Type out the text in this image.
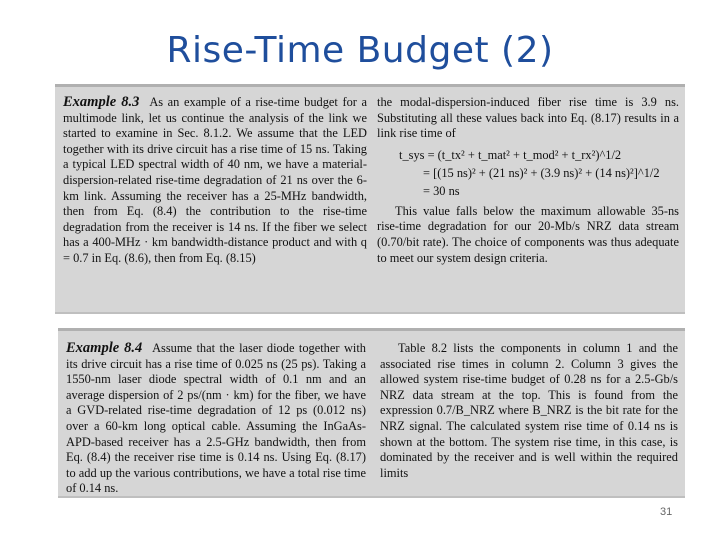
Rise-Time Budget (2)
Example 8.3 As an example of a rise-time budget for a multimode link, let us continue the analysis of the link we started to examine in Sec. 8.1.2. We assume that the LED together with its drive circuit has a rise time of 15 ns. Taking a typical LED spectral width of 40 nm, we have a material-dispersion-related rise-time degradation of 21 ns over the 6-km link. Assuming the receiver has a 25-MHz bandwidth, then from Eq. (8.4) the contribution to the rise-time degradation from the receiver is 14 ns. If the fiber we select has a 400-MHz · km bandwidth-distance product and with q = 0.7 in Eq. (8.6), then from Eq. (8.15)
the modal-dispersion-induced fiber rise time is 3.9 ns. Substituting all these values back into Eq. (8.17) results in a link rise time of
t_sys = (t_tx² + t_mat² + t_mod² + t_rx²)^1/2
= [(15 ns)² + (21 ns)² + (3.9 ns)² + (14 ns)²]^1/2
= 30 ns
This value falls below the maximum allowable 35-ns rise-time degradation for our 20-Mb/s NRZ data stream (0.70/bit rate). The choice of components was thus adequate to meet our system design criteria.
Example 8.4 Assume that the laser diode together with its drive circuit has a rise time of 0.025 ns (25 ps). Taking a 1550-nm laser diode spectral width of 0.1 nm and an average dispersion of 2 ps/(nm · km) for the fiber, we have a GVD-related rise-time degradation of 12 ps (0.012 ns) over a 60-km long optical cable. Assuming the InGaAs-APD-based receiver has a 2.5-GHz bandwidth, then from Eq. (8.4) the receiver rise time is 0.14 ns. Using Eq. (8.17) to add up the various contributions, we have a total rise time of 0.14 ns.
Table 8.2 lists the components in column 1 and the associated rise times in column 2. Column 3 gives the allowed system rise-time budget of 0.28 ns for a 2.5-Gb/s NRZ data stream at the top. This is found from the expression 0.7/B_NRZ where B_NRZ is the bit rate for the NRZ signal. The calculated system rise time of 0.14 ns is shown at the bottom. The system rise time, in this case, is dominated by the receiver and is well within the required limits
31
